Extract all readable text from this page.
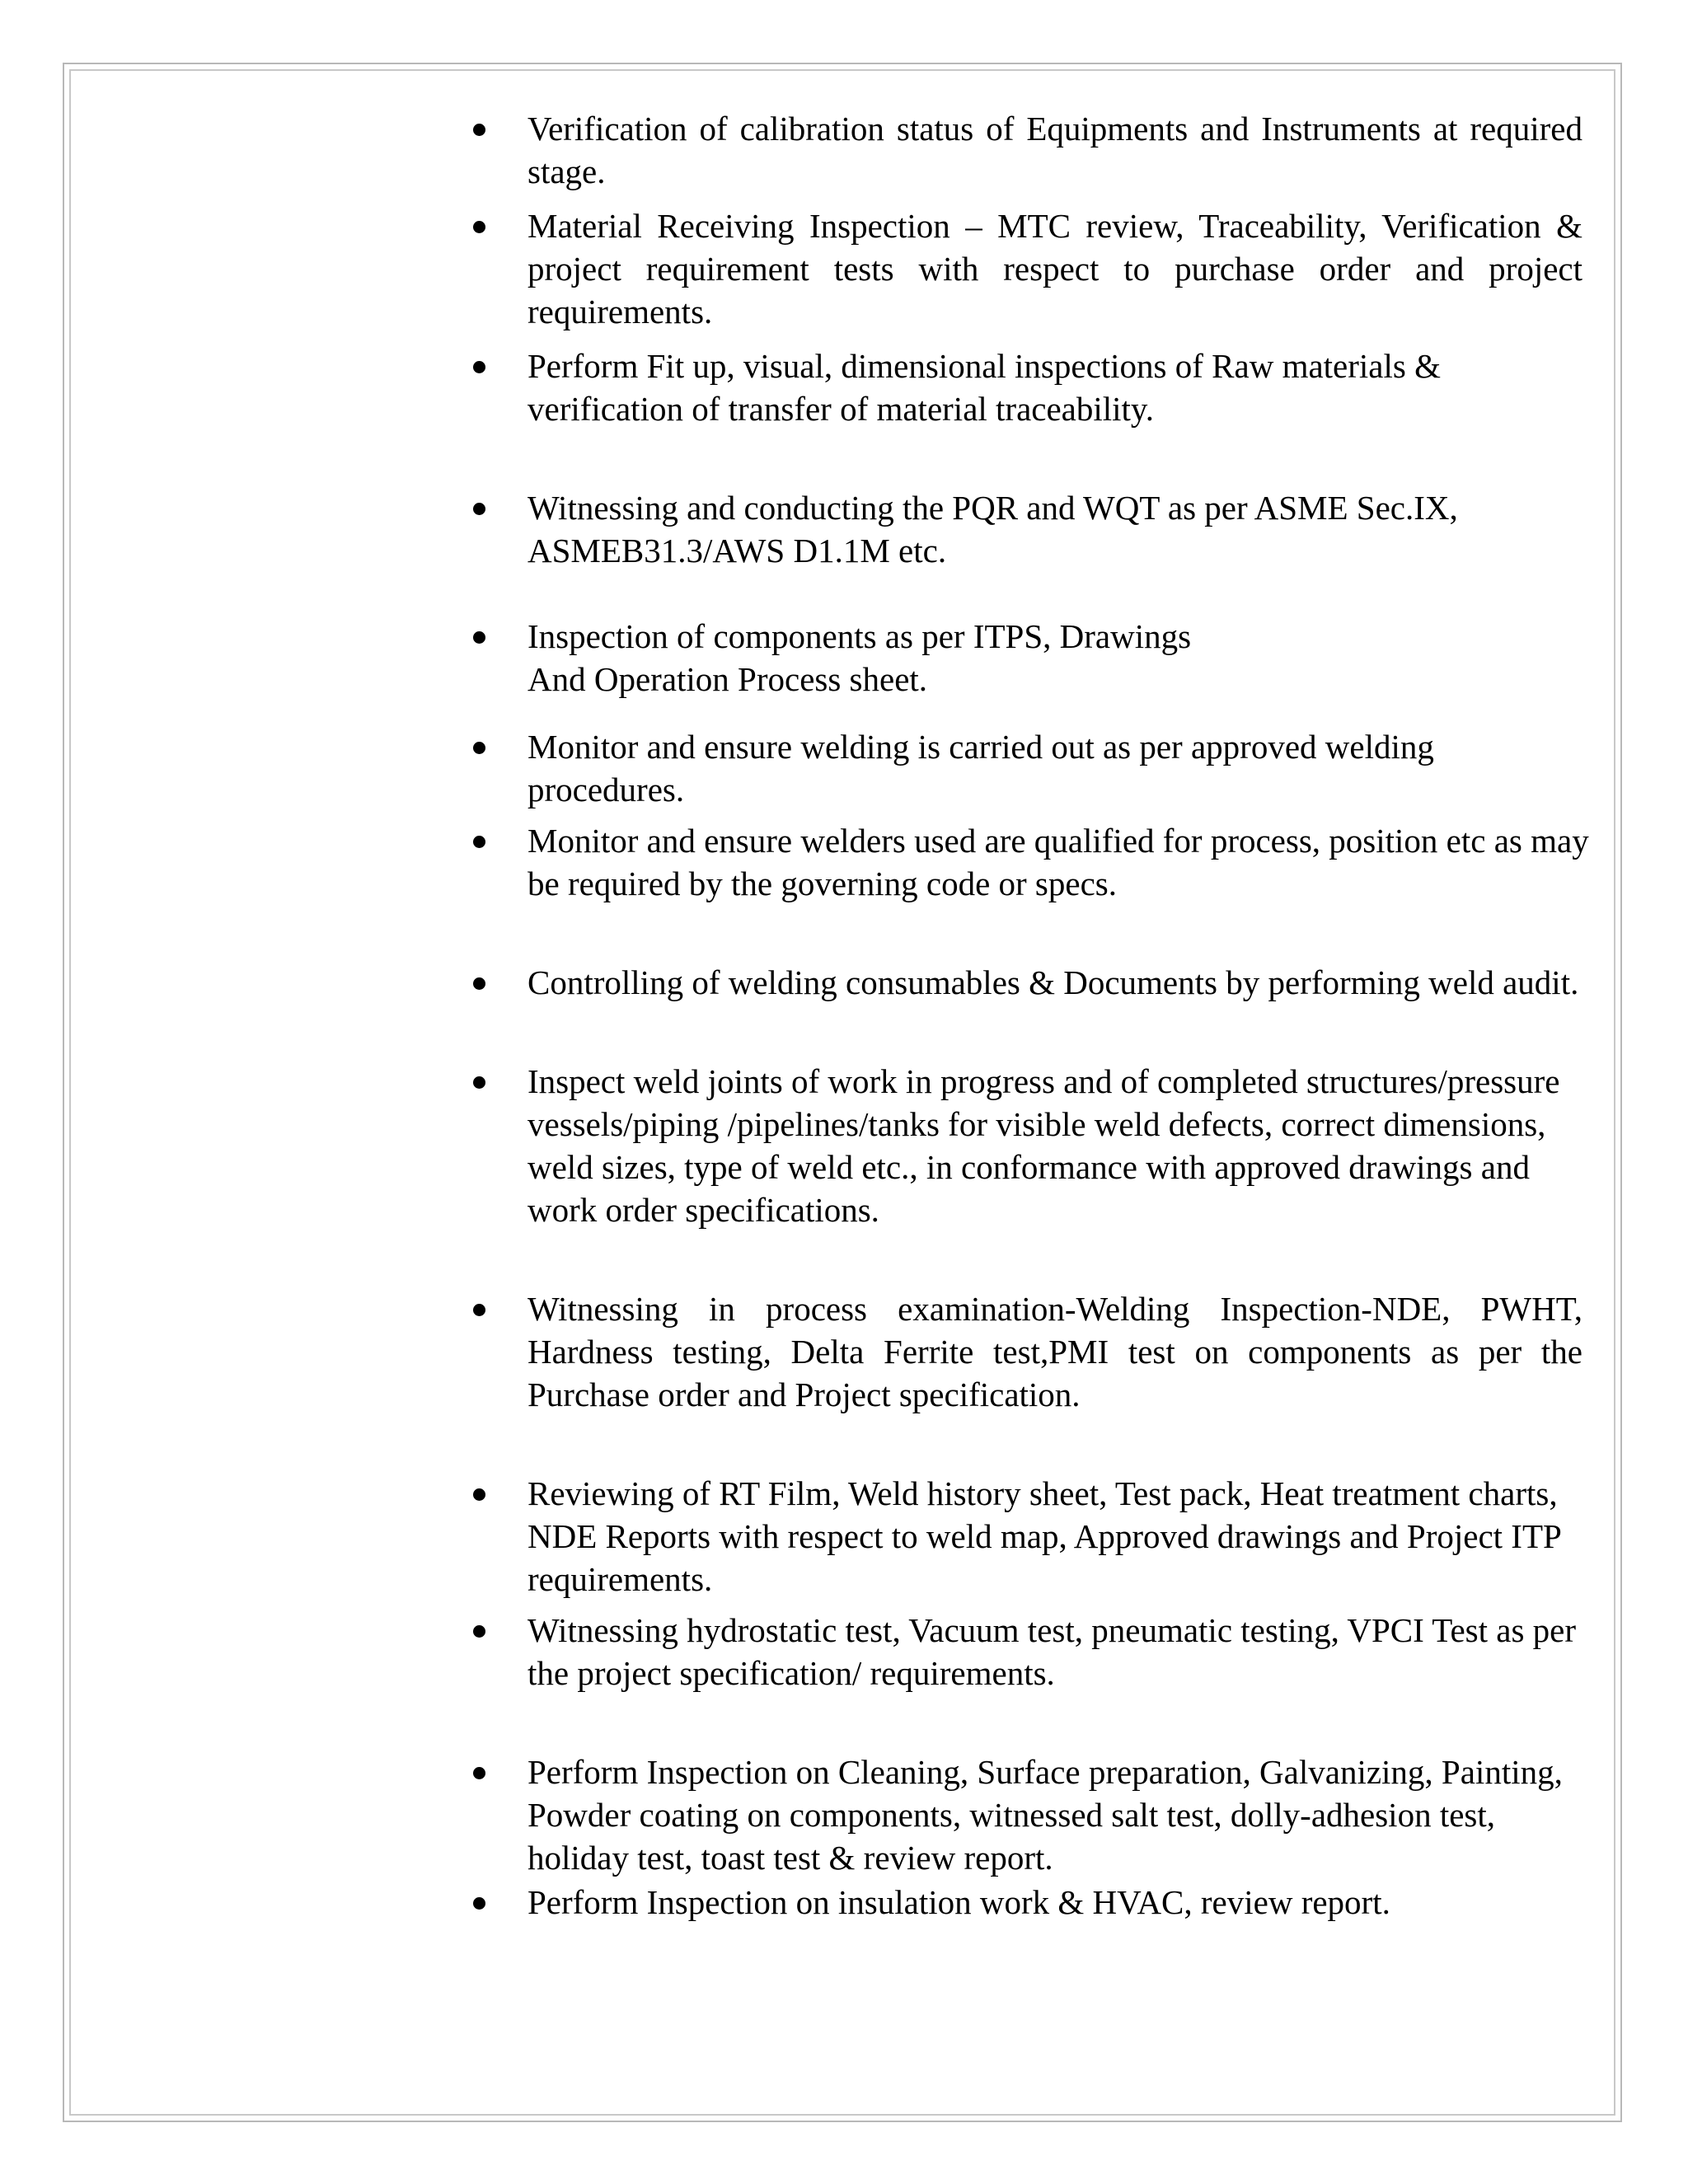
Verification of calibration status of Equipments and Instruments at required stage.
Material Receiving Inspection – MTC review, Traceability, Verification & project requirement tests with respect to purchase order and project requirements.
Perform Fit up, visual, dimensional inspections of Raw materials & verification of transfer of material traceability.
Witnessing and conducting the PQR and WQT as per ASME Sec.IX, ASMEB31.3/AWS D1.1M etc.
Inspection of components as per ITPS, Drawings
And Operation Process sheet.
Monitor and ensure welding is carried out as per approved welding procedures.
Monitor and ensure welders used are qualified for process, position etc as may be required by the governing code or specs.
Controlling of welding consumables & Documents by performing weld audit.
Inspect weld joints of work in progress and of completed structures/pressure vessels/piping /pipelines/tanks for visible weld defects, correct dimensions, weld sizes, type of weld etc., in conformance with approved drawings and work order specifications.
Witnessing in process examination-Welding Inspection-NDE, PWHT, Hardness testing, Delta Ferrite test,PMI test on components as per the Purchase order and Project specification.
Reviewing of RT Film, Weld history sheet, Test pack, Heat treatment charts, NDE Reports with respect to weld map, Approved drawings and Project ITP requirements.
Witnessing hydrostatic test, Vacuum test, pneumatic testing, VPCI Test as per the project specification/ requirements.
Perform Inspection on Cleaning, Surface preparation, Galvanizing, Painting, Powder coating on components, witnessed salt test, dolly-adhesion test, holiday test, toast test & review report.
Perform Inspection on insulation work & HVAC, review report.
